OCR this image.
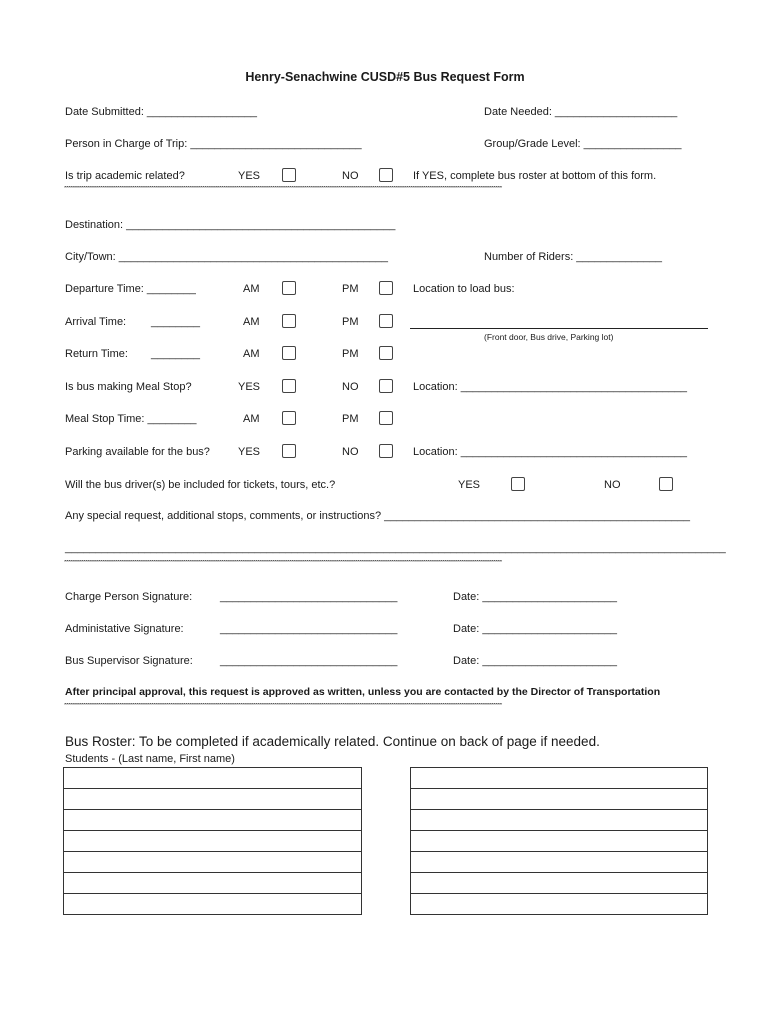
Henry-Senachwine CUSD#5 Bus Request Form
Date Submitted: __________________	Date Needed: ____________________
Person in Charge of Trip: ____________________________	Group/Grade Level: ________________
Is trip academic related?	YES	NO	If YES, complete bus roster at bottom of this form.
**************************************************************************************************************************************************************************************************************
Destination: ____________________________________________
City/Town: ____________________________________________	Number of Riders: ______________
Departure Time: ________	AM	PM	Location to load bus:
Arrival Time: ________	AM	PM
(Front door, Bus drive, Parking lot)
Return Time: ________	AM	PM
Is bus making Meal Stop?	YES	NO	Location: _____________________________________
Meal Stop Time: ________	AM	PM
Parking available for the bus?	YES	NO	Location: _____________________________________
Will the bus driver(s) be included for tickets, tours, etc.?	YES	NO
Any special request, additional stops, comments, or instructions? __________________________________________________
____________________________________________________________________________________________________________
**************************************************************************************************************************************************************************************************************
Charge Person Signature:	_____________________________	Date: ______________________
Administative Signature:	_____________________________	Date: ______________________
Bus Supervisor Signature: _____________________________	Date: ______________________
After principal approval, this request is approved as written, unless you are contacted by the Director of Transportation
**************************************************************************************************************************************************************************************************************
Bus Roster: To be completed if academically related. Continue on back of page if needed.
Students - (Last name, First name)
